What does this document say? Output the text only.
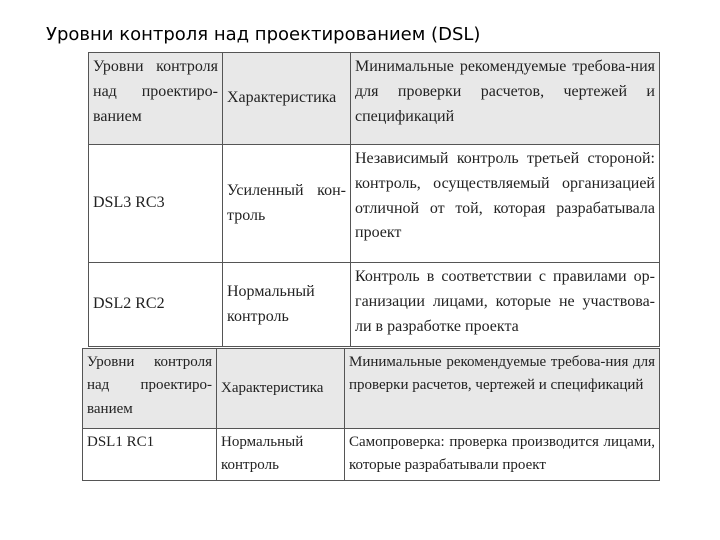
Уровни контроля над проектированием (DSL)
Уровни контроля над проектиро-ванием	Характеристика	Минимальные рекомендуемые требова-ния для проверки расчетов, чертежей и спецификаций
DSL3 RC3	Усиленный кон-троль	Независимый контроль третьей стороной: контроль, осуществляемый организацией отличной от той, которая разрабатывала проект
DSL2 RC2	Нормальный контроль	Контроль в соответствии с правилами ор-ганизации лицами, которые не участвова-ли в разработке проекта
Уровни контроля над проектиро-ванием	Характеристика	Минимальные рекомендуемые требова-ния для проверки расчетов, чертежей и спецификаций
DSL1 RC1	Нормальный контроль	Самопроверка: проверка производится лицами, которые разрабатывали проект
